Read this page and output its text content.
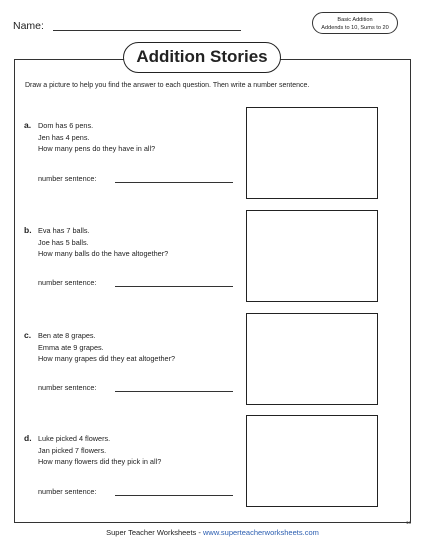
Name:	Basic Addition
Addends to 10, Sums to 20
Addition Stories
Draw a picture to help you find the answer to each question. Then write a number sentence.
a. Dom has 6 pens.
Jen has 4 pens.
How many pens do they have in all?
number sentence:
b. Eva has 7 balls.
Joe has 5 balls.
How many balls do the have altogether?
number sentence:
c. Ben ate 8 grapes.
Emma ate 9 grapes.
How many grapes did they eat altogether?
number sentence:
d. Luke picked 4 flowers.
Jan picked 7 flowers.
How many flowers did they pick in all?
number sentence:
13
Super Teacher Worksheets - www.superteacherworksheets.com
